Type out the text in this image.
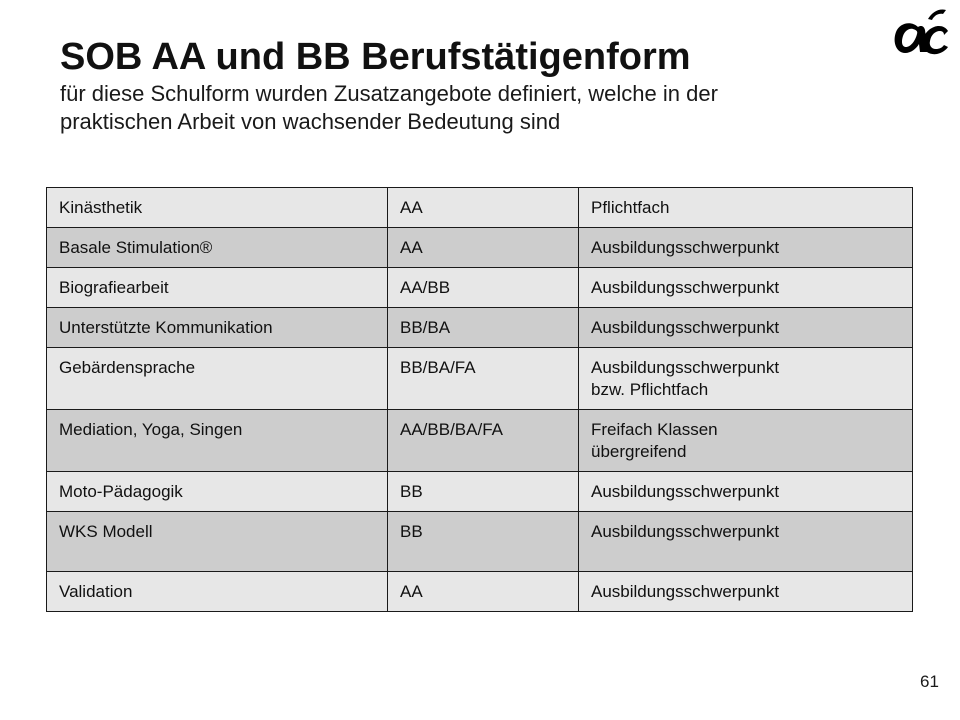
SOB AA und BB Berufstätigenform
für diese Schulform wurden Zusatzangebote definiert, welche in der
praktischen Arbeit von wachsender Bedeutung sind
Kinästhetik	AA	Pflichtfach

Basale Stimulation®	AA	Ausbildungsschwerpunkt

Biografiearbeit	AA/BB	Ausbildungsschwerpunkt

Unterstützte Kommunikation	BB/BA	Ausbildungsschwerpunkt

Gebärdensprache	BB/BA/FA	Ausbildungsschwerpunkt
bzw. Pflichtfach

Mediation, Yoga, Singen	AA/BB/BA/FA	Freifach Klassen
übergreifend

Moto-Pädagogik	BB	Ausbildungsschwerpunkt

WKS Modell	BB	Ausbildungsschwerpunkt

Validation	AA	Ausbildungsschwerpunkt
61
